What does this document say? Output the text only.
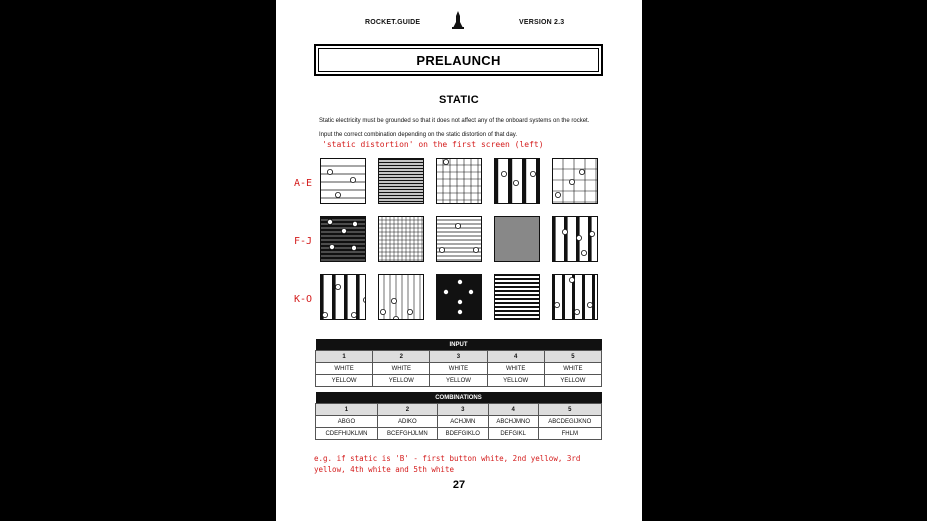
ROCKET.GUIDE	VERSION 2.3
PRELAUNCH
STATIC
Static electricity must be grounded so that it does not affect any of the onboard systems on the rocket. Input the correct combination depending on the static distortion of that day.
'static distortion' on the first screen (left)
A-E
F-J
K-O
INPUT				
1	2	3	4	5
WHITE	WHITE	WHITE	WHITE	WHITE
YELLOW	YELLOW	YELLOW	YELLOW	YELLOW
COMBINATIONS				
1	2	3	4	5
ABGO	ADIKO	ACHJMN	ABCHJMNO	ABCDEGIJKNO
CDEFHIJKLMN	BCEFGHJLMN	BDEFGIKLO	DEFGIKL	FHLM
e.g. if static is 'B' - first button white, 2nd yellow, 3rd yellow, 4th white and 5th white
27
